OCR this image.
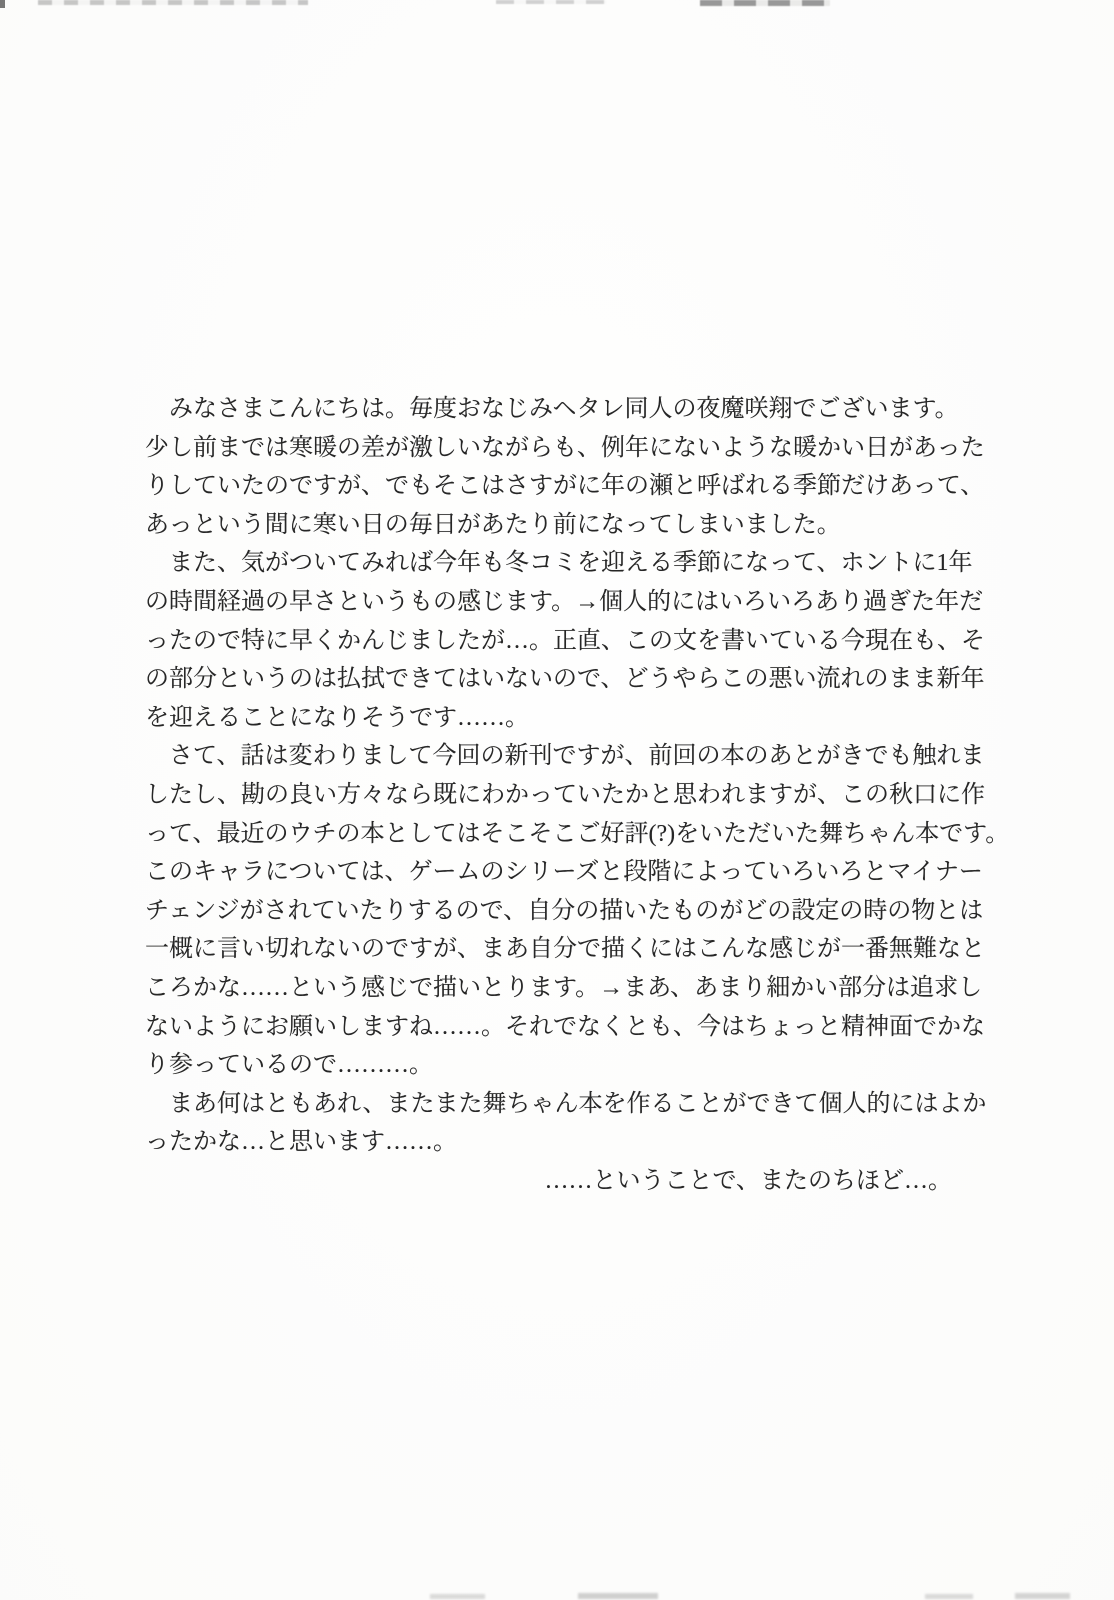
　みなさまこんにちは。毎度おなじみヘタレ同人の夜魔咲翔でございます。
少し前までは寒暖の差が激しいながらも、例年にないような暖かい日があった
りしていたのですが、でもそこはさすがに年の瀬と呼ばれる季節だけあって、
あっという間に寒い日の毎日があたり前になってしまいました。
　また、気がついてみれば今年も冬コミを迎える季節になって、ホントに1年
の時間経過の早さというもの感じます。→個人的にはいろいろあり過ぎた年だ
ったので特に早くかんじましたが…。正直、この文を書いている今現在も、そ
の部分というのは払拭できてはいないので、どうやらこの悪い流れのまま新年
を迎えることになりそうです……。
　さて、話は変わりまして今回の新刊ですが、前回の本のあとがきでも触れま
したし、勘の良い方々なら既にわかっていたかと思われますが、この秋口に作
って、最近のウチの本としてはそこそこご好評(?)をいただいた舞ちゃん本です。
このキャラについては、ゲームのシリーズと段階によっていろいろとマイナー
チェンジがされていたりするので、自分の描いたものがどの設定の時の物とは
一概に言い切れないのですが、まあ自分で描くにはこんな感じが一番無難なと
ころかな……という感じで描いとります。→まあ、あまり細かい部分は追求し
ないようにお願いしますね……。それでなくとも、今はちょっと精神面でかな
り参っているので………。
　まあ何はともあれ、またまた舞ちゃん本を作ることができて個人的にはよか
ったかな…と思います……。
……ということで、またのちほど…。
